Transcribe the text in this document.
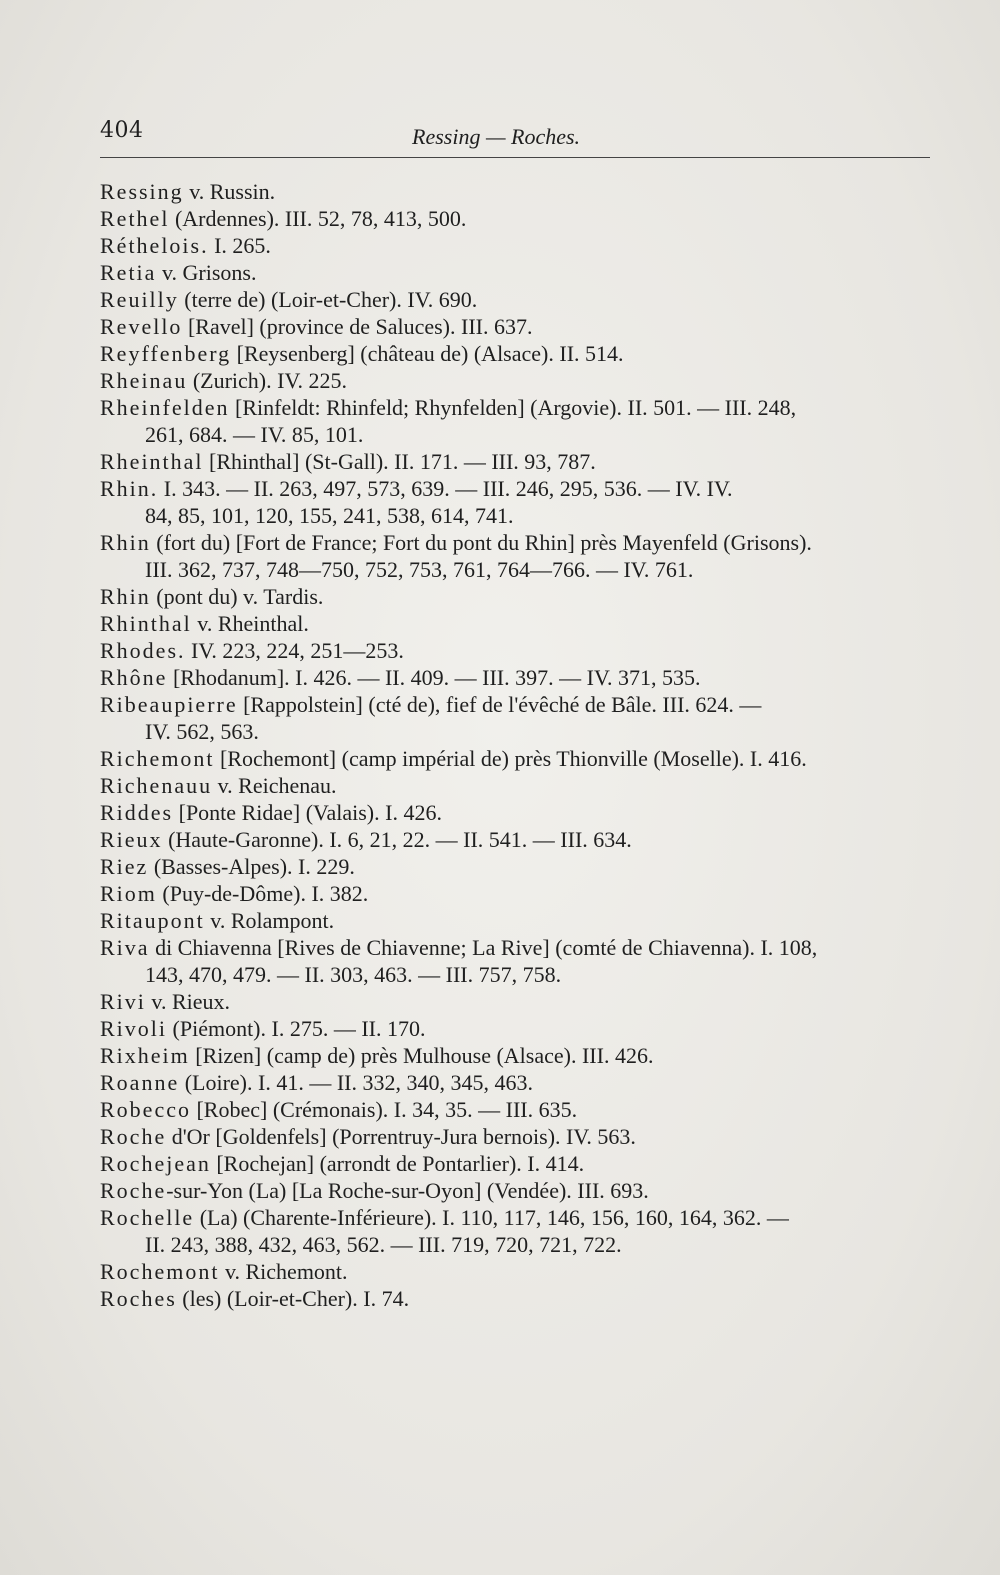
404	Ressing — Roches.
Ressing v. Russin.
Rethel (Ardennes). III. 52, 78, 413, 500.
Réthelois. I. 265.
Retia v. Grisons.
Reuilly (terre de) (Loir-et-Cher). IV. 690.
Revello [Ravel] (province de Saluces). III. 637.
Reyffenberg [Reysenberg] (château de) (Alsace). II. 514.
Rheinau (Zurich). IV. 225.
Rheinfelden [Rinfeldt: Rhinfeld; Rhynfelden] (Argovie). II. 501. — III. 248,
261, 684. — IV. 85, 101.
Rheinthal [Rhinthal] (St-Gall). II. 171. — III. 93, 787.
Rhin. I. 343. — II. 263, 497, 573, 639. — III. 246, 295, 536. — IV. IV.
84, 85, 101, 120, 155, 241, 538, 614, 741.
Rhin (fort du) [Fort de France; Fort du pont du Rhin] près Mayenfeld (Grisons).
III. 362, 737, 748—750, 752, 753, 761, 764—766. — IV. 761.
Rhin (pont du) v. Tardis.
Rhinthal v. Rheinthal.
Rhodes. IV. 223, 224, 251—253.
Rhône [Rhodanum]. I. 426. — II. 409. — III. 397. — IV. 371, 535.
Ribeaupierre [Rappolstein] (cté de), fief de l'évêché de Bâle. III. 624. —
IV. 562, 563.
Richemont [Rochemont] (camp impérial de) près Thionville (Moselle). I. 416.
Richenauu v. Reichenau.
Riddes [Ponte Ridae] (Valais). I. 426.
Rieux (Haute-Garonne). I. 6, 21, 22. — II. 541. — III. 634.
Riez (Basses-Alpes). I. 229.
Riom (Puy-de-Dôme). I. 382.
Ritaupont v. Rolampont.
Riva di Chiavenna [Rives de Chiavenne; La Rive] (comté de Chiavenna). I. 108,
143, 470, 479. — II. 303, 463. — III. 757, 758.
Rivi v. Rieux.
Rivoli (Piémont). I. 275. — II. 170.
Rixheim [Rizen] (camp de) près Mulhouse (Alsace). III. 426.
Roanne (Loire). I. 41. — II. 332, 340, 345, 463.
Robecco [Robec] (Crémonais). I. 34, 35. — III. 635.
Roche d'Or [Goldenfels] (Porrentruy-Jura bernois). IV. 563.
Rochejean [Rochejan] (arrondt de Pontarlier). I. 414.
Roche-sur-Yon (La) [La Roche-sur-Oyon] (Vendée). III. 693.
Rochelle (La) (Charente-Inférieure). I. 110, 117, 146, 156, 160, 164, 362. —
II. 243, 388, 432, 463, 562. — III. 719, 720, 721, 722.
Rochemont v. Richemont.
Roches (les) (Loir-et-Cher). I. 74.
